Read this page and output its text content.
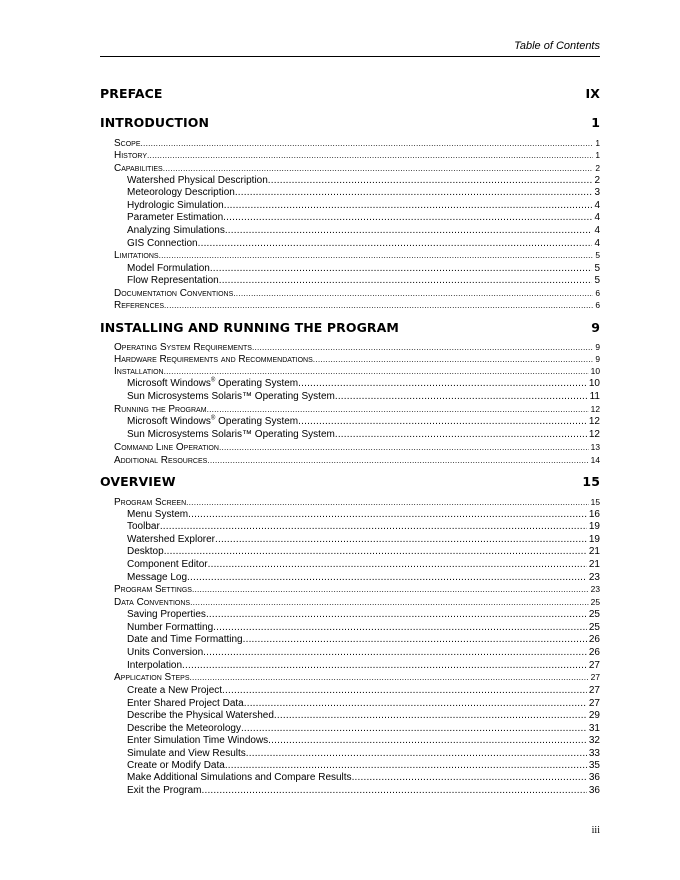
Table of Contents
PREFACE	IX
INTRODUCTION	1
Scope .....	1
History .....	1
Capabilities .....	2
Watershed Physical Description .....	2
Meteorology Description .....	3
Hydrologic Simulation .....	4
Parameter Estimation .....	4
Analyzing Simulations .....	4
GIS Connection .....	4
Limitations .....	5
Model Formulation .....	5
Flow Representation .....	5
Documentation Conventions .....	6
References .....	6
INSTALLING AND RUNNING THE PROGRAM	9
Operating System Requirements .....	9
Hardware Requirements and Recommendations .....	9
Installation .....	10
Microsoft Windows® Operating System .....	10
Sun Microsystems Solaris™ Operating System .....	11
Running the Program .....	12
Microsoft Windows® Operating System .....	12
Sun Microsystems Solaris™ Operating System .....	12
Command Line Operation .....	13
Additional Resources .....	14
OVERVIEW	15
Program Screen .....	15
Menu System .....	16
Toolbar .....	19
Watershed Explorer .....	19
Desktop .....	21
Component Editor .....	21
Message Log .....	23
Program Settings .....	23
Data Conventions .....	25
Saving Properties .....	25
Number Formatting .....	25
Date and Time Formatting .....	26
Units Conversion .....	26
Interpolation .....	27
Application Steps .....	27
Create a New Project .....	27
Enter Shared Project Data .....	27
Describe the Physical Watershed .....	29
Describe the Meteorology .....	31
Enter Simulation Time Windows .....	32
Simulate and View Results .....	33
Create or Modify Data .....	35
Make Additional Simulations and Compare Results .....	36
Exit the Program .....	36
iii
